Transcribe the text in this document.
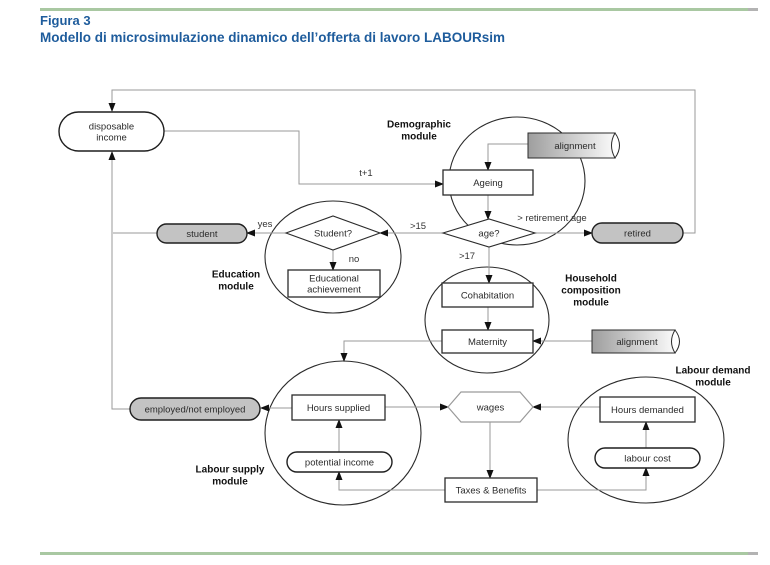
Figura 3
Modello di microsimulazione dinamico dell’offerta di lavoro LABOURsim
disposable income
Ageing
alignment
age?
Student?
student	retired
Educational achievement
Cohabitation
Maternity	alignment
employed/not employed	Hours supplied	wages	Hours demanded
potential income	labour cost
Taxes & Benefits
Demographic module
Education module
Household composition module
Labour supply module
Labour demand module
t+1
>15
yes
no	>17
> retirement age
